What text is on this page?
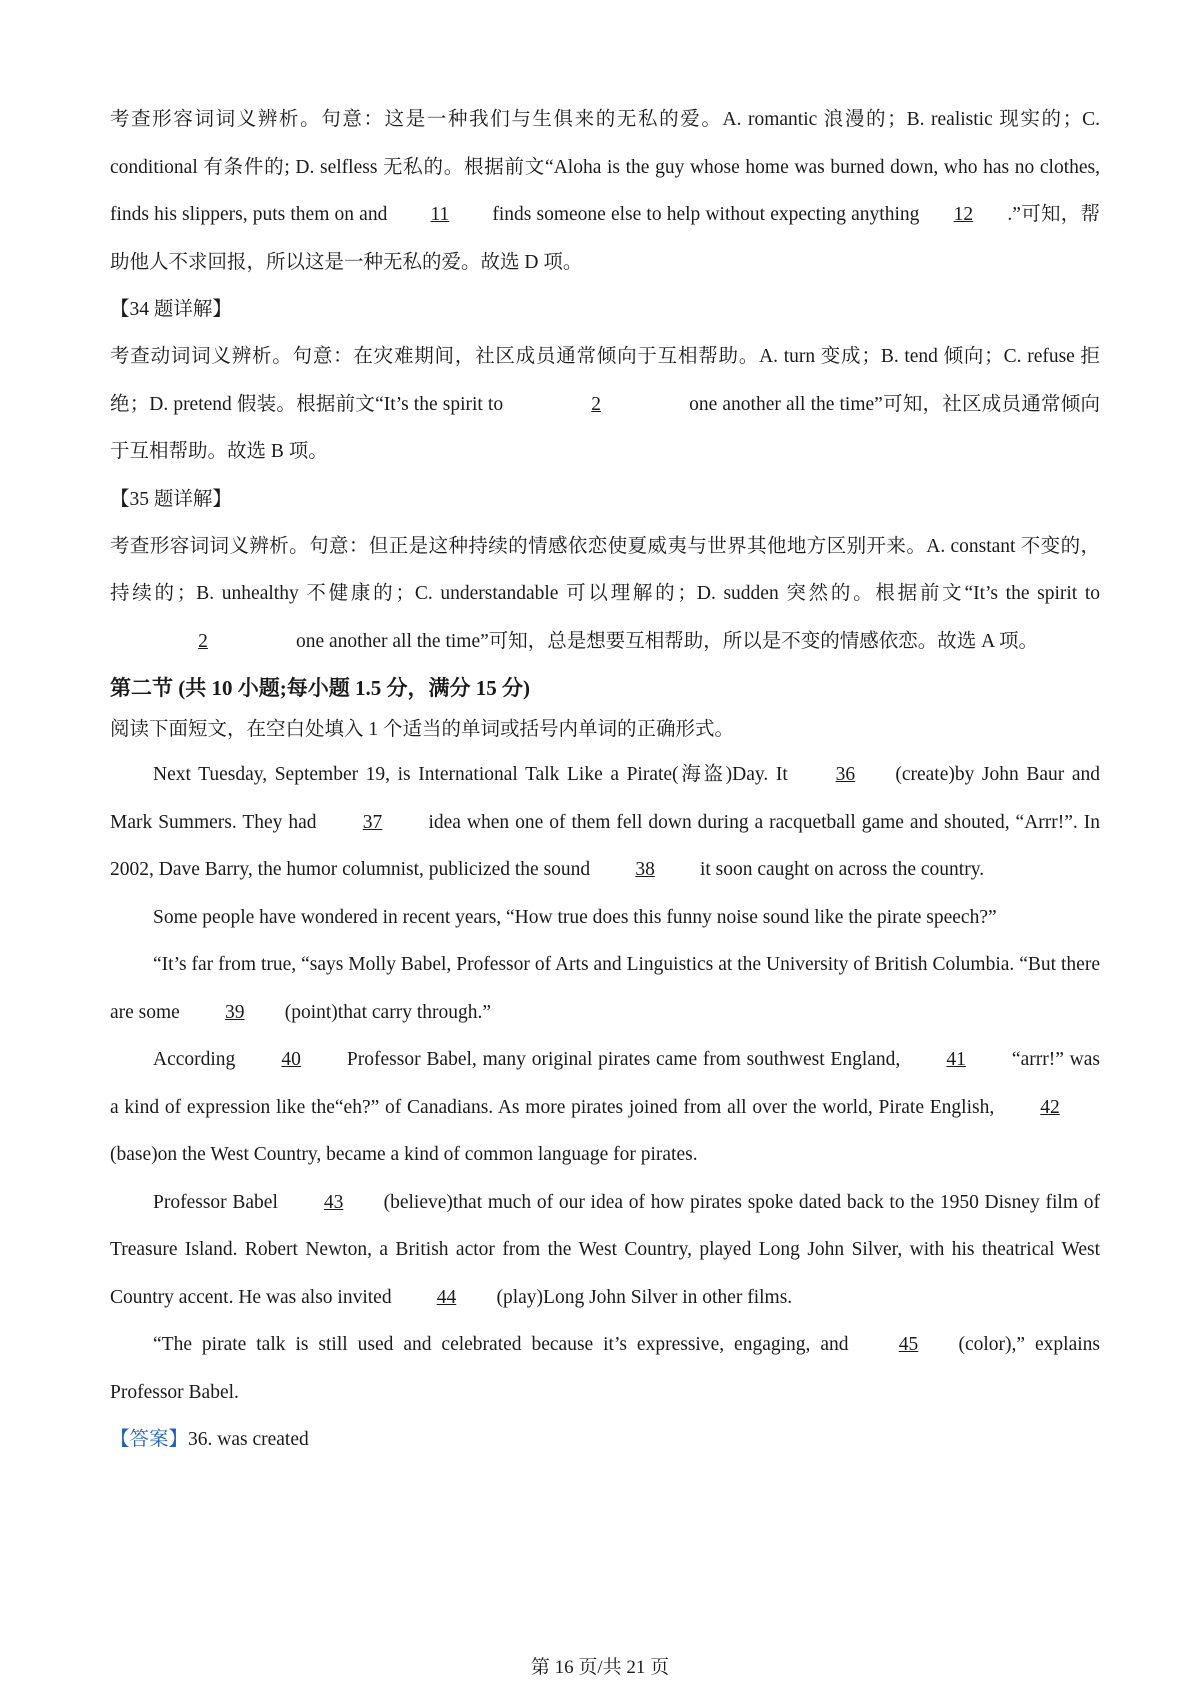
考查形容词词义辨析。句意：这是一种我们与生俱来的无私的爱。A. romantic 浪漫的；B. realistic 现实的；C. conditional 有条件的; D. selfless 无私的。根据前文“Aloha is the guy whose home was burned down, who has no clothes, finds his slippers, puts them on and 11 finds someone else to help without expecting anything 12 .”可知，帮助他人不求回报，所以这是一种无私的爱。故选 D 项。

【34 题详解】

考查动词词义辨析。句意：在灾难期间，社区成员通常倾向于互相帮助。A. turn 变成；B. tend 倾向；C. refuse 拒绝；D. pretend 假装。根据前文“It’s the spirit to	2	one another all the time”可知，社区成员通常倾向于互相帮助。故选 B 项。

【35 题详解】

考查形容词词义辨析。句意：但正是这种持续的情感依恋使夏威夷与世界其他地方区别开来。A. constant 不变的，持续的；B. unhealthy 不健康的；C. understandable 可以理解的；D. sudden 突然的。根据前文“It’s the spirit to2	one another all the time”可知，总是想要互相帮助，所以是不变的情感依恋。故选 A 项。

第二节 (共 10 小题;每小题 1.5 分，满分 15 分)

阅读下面短文，在空白处填入 1 个适当的单词或括号内单词的正确形式。

Next Tuesday, September 19, is International Talk Like a Pirate(海盗)Day. It 36 (create)by John Baur and Mark Summers. They had 37 idea when one of them fell down during a racquetball game and shouted, “Arrr!”. In 2002, Dave Barry, the humor columnist, publicized the sound 38 it soon caught on across the country.

Some people have wondered in recent years, “How true does this funny noise sound like the pirate speech?”

“It’s far from true, “says Molly Babel, Professor of Arts and Linguistics at the University of British Columbia. “But there are some 39 (point)that carry through.”

According 40 Professor Babel, many original pirates came from southwest England, 41 “arrr!” was a kind of expression like the“eh?” of Canadians. As more pirates joined from all over the world, Pirate English, 42(base)on the West Country, became a kind of common language for pirates.

Professor Babel 43 (believe)that much of our idea of how pirates spoke dated back to the 1950 Disney film of Treasure Island. Robert Newton, a British actor from the West Country, played Long John Silver, with his theatrical West Country accent. He was also invited 44 (play)Long John Silver in other films.

“The pirate talk is still used and celebrated because it’s expressive, engaging, and 45 (color),” explains Professor Babel.

【答案】36. was created

第 16 页/共 21 页
